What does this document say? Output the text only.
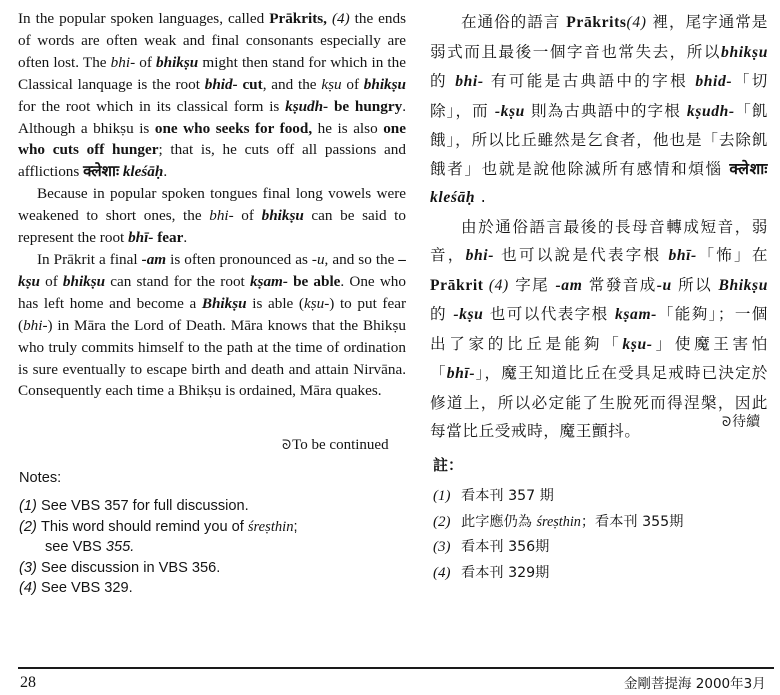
In the popular spoken languages, called Prākrits, (4) the ends of words are often weak and final consonants especially are often lost. The bhi- of bhikṣu might then stand for which in the Classical lanquage is the root bhid- cut, and the kṣu of bhikṣu for the root which in its classical form is kṣudh- be hungry. Although a bhikṣu is one who seeks for food, he is also one who cuts off hunger; that is, he cuts off all passions and afflictions क्लेशाः kleśāḥ.

Because in popular spoken tongues final long vowels were weakened to short ones, the bhi- of bhikṣu can be said to represent the root bhī- fear.

In Prākrit a final -am is often pronounced as -u, and so the –kṣu of bhikṣu can stand for the root kṣam- be able. One who has left home and become a Bhikṣu is able (kṣu-) to put fear (bhi-) in Māra the Lord of Death. Māra knows that the Bhikṣu who truly commits himself to the path at the time of ordination is sure eventually to escape birth and death and attain Nirvāna. Consequently each time a Bhikṣu is ordained, Māra quakes.

ᘐTo be continued

在通俗的語言 Prākrits(4) 裡，尾字通常是弱式而且最後一個字音也常失去，所以bhikṣu 的 bhi- 有可能是古典語中的字根 bhid-「切除」，而 -kṣu 則為古典語中的字根 kṣudh-「飢餓」，所以比丘雖然是乞食者，他也是「去除飢餓者」也就是說他除滅所有感情和煩惱 क्लेशाः kleśāḥ .

由於通俗語言最後的長母音轉成短音，弱音，bhi- 也可以說是代表字根 bhī-「怖」在 Prākrit (4) 字尾 -am 常發音成-u 所以 Bhikṣu 的 -kṣu 也可以代表字根 kṣam-「能夠」；一個出了家的比丘是能夠「kṣu-」使魔王害怕「bhī-」，魔王知道比丘在受具足戒時已決定於修道上，所以必定能了生脫死而得涅槃，因此每當比丘受戒時，魔王顫抖。	ᘐ待續
Notes:
(1) See VBS 357 for full discussion.
(2) This word should remind you of śreṣthin;
see VBS 355.
(3) See discussion in VBS 356.
(4) See VBS 329.
註：
(1) 看本刊 357 期
(2) 此字應仍為 śreṣthin；看本刊 355期
(3) 看本刊 356期
(4) 看本刊 329期
28	金剛菩提海 2000年3月
